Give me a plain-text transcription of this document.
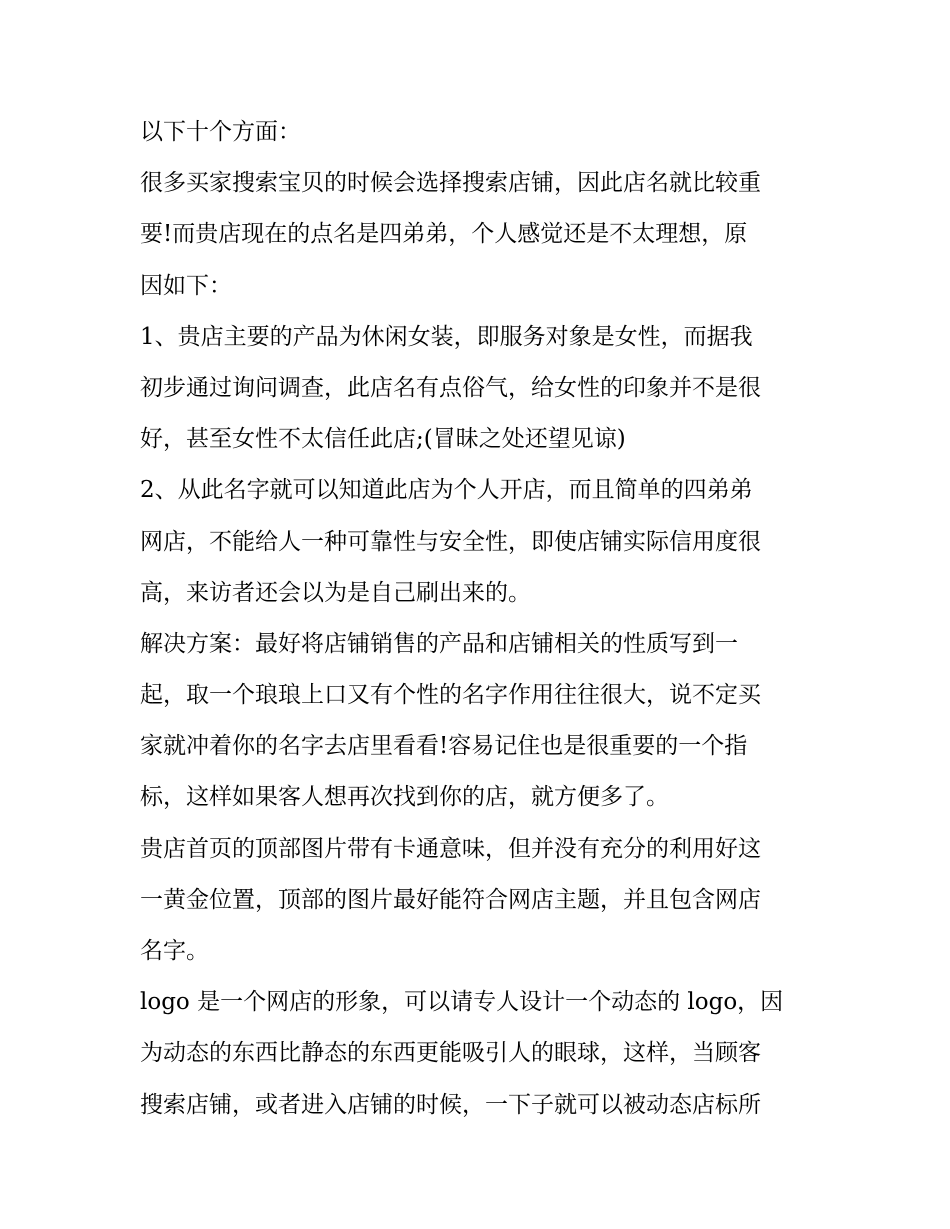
以下十个方面：
很多买家搜索宝贝的时候会选择搜索店铺，因此店名就比较重
要!而贵店现在的点名是四弟弟，个人感觉还是不太理想，原
因如下：
1、贵店主要的产品为休闲女装，即服务对象是女性，而据我
初步通过询问调查，此店名有点俗气，给女性的印象并不是很
好，甚至女性不太信任此店;(冒昧之处还望见谅)
2、从此名字就可以知道此店为个人开店，而且简单的四弟弟
网店，不能给人一种可靠性与安全性，即使店铺实际信用度很
高，来访者还会以为是自己刷出来的。
解决方案：最好将店铺销售的产品和店铺相关的性质写到一
起，取一个琅琅上口又有个性的名字作用往往很大，说不定买
家就冲着你的名字去店里看看!容易记住也是很重要的一个指
标，这样如果客人想再次找到你的店，就方便多了。
贵店首页的顶部图片带有卡通意味，但并没有充分的利用好这
一黄金位置，顶部的图片最好能符合网店主题，并且包含网店
名字。
logo 是一个网店的形象，可以请专人设计一个动态的 logo，因
为动态的东西比静态的东西更能吸引人的眼球，这样，当顾客
搜索店铺，或者进入店铺的时候，一下子就可以被动态店标所
